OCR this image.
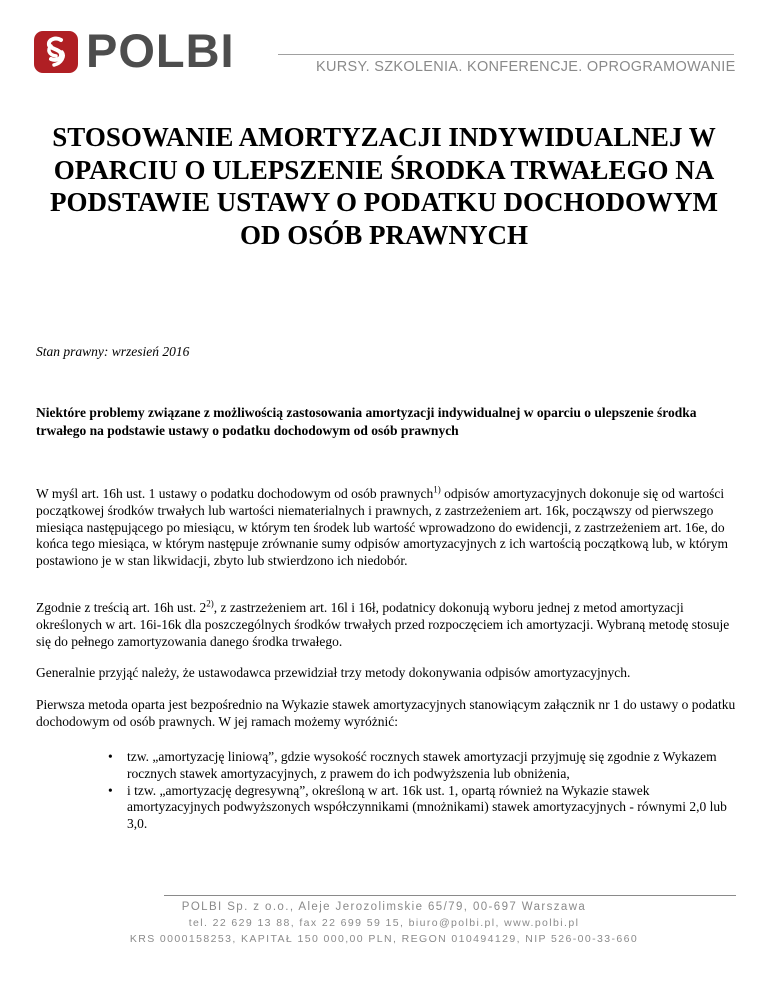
POLBI	KURSY. SZKOLENIA. KONFERENCJE. OPROGRAMOWANIE
STOSOWANIE AMORTYZACJI INDYWIDUALNEJ W OPARCIU O ULEPSZENIE ŚRODKA TRWAŁEGO NA PODSTAWIE USTAWY O PODATKU DOCHODOWYM OD OSÓB PRAWNYCH
Stan prawny: wrzesień 2016
Niektóre problemy związane z możliwością zastosowania amortyzacji indywidualnej w oparciu o ulepszenie środka trwałego na podstawie ustawy o podatku dochodowym od osób prawnych
W myśl art. 16h ust. 1 ustawy o podatku dochodowym od osób prawnych$^{1)}$ odpisów amortyzacyjnych dokonuje się od wartości początkowej środków trwałych lub wartości niematerialnych i prawnych, z zastrzeżeniem art. 16k, począwszy od pierwszego miesiąca następującego po miesiącu, w którym ten środek lub wartość wprowadzono do ewidencji, z zastrzeżeniem art. 16e, do końca tego miesiąca, w którym następuje zrównanie sumy odpisów amortyzacyjnych z ich wartością początkową lub, w którym postawiono je w stan likwidacji, zbyto lub stwierdzono ich niedobór.
Zgodnie z treścią art. 16h ust. 2$^{2)}$, z zastrzeżeniem art. 16l i 16ł, podatnicy dokonują wyboru jednej z metod amortyzacji określonych w art. 16i-16k dla poszczególnych środków trwałych przed rozpoczęciem ich amortyzacji. Wybraną metodę stosuje się do pełnego zamortyzowania danego środka trwałego.
Generalnie przyjąć należy, że ustawodawca przewidział trzy metody dokonywania odpisów amortyzacyjnych.
Pierwsza metoda oparta jest bezpośrednio na Wykazie stawek amortyzacyjnych stanowiącym załącznik nr 1 do ustawy o podatku dochodowym od osób prawnych. W jej ramach możemy wyróżnić:
• tzw. „amortyzację liniową”, gdzie wysokość rocznych stawek amortyzacji przyjmuję się zgodnie z Wykazem rocznych stawek amortyzacyjnych, z prawem do ich podwyższenia lub obniżenia,
• i tzw. „amortyzację degresywną”, określoną w art. 16k ust. 1, opartą również na Wykazie stawek amortyzacyjnych podwyższonych współczynnikami (mnożnikami) stawek amortyzacyjnych - równymi 2,0 lub 3,0.
POLBI Sp. z o.o., Aleje Jerozolimskie 65/79, 00-697 Warszawa
tel. 22 629 13 88, fax 22 699 59 15, biuro@polbi.pl, www.polbi.pl
KRS 0000158253, KAPITAŁ 150 000,00 PLN, REGON 010494129, NIP 526-00-33-660
